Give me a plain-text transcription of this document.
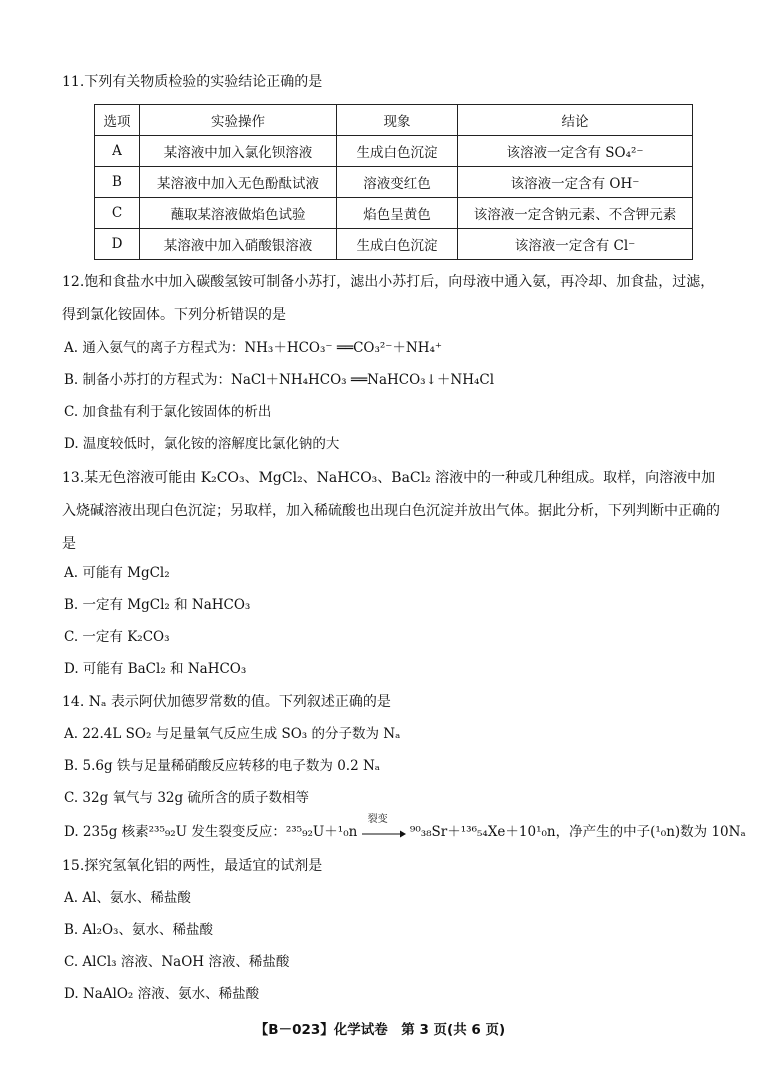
11.下列有关物质检验的实验结论正确的是
选项	实验操作	现象	结论
A	某溶液中加入氯化钡溶液	生成白色沉淀	该溶液一定含有 SO₄²⁻
B	某溶液中加入无色酚酞试液	溶液变红色	该溶液一定含有 OH⁻
C	蘸取某溶液做焰色试验	焰色呈黄色	该溶液一定含钠元素、不含钾元素
D	某溶液中加入硝酸银溶液	生成白色沉淀	该溶液一定含有 Cl⁻
12.饱和食盐水中加入碳酸氢铵可制备小苏打，滤出小苏打后，向母液中通入氨，再冷却、加食盐，过滤，得到氯化铵固体。下列分析错误的是
A. 通入氨气的离子方程式为：NH₃＋HCO₃⁻ ══CO₃²⁻＋NH₄⁺
B. 制备小苏打的方程式为：NaCl＋NH₄HCO₃ ══NaHCO₃↓＋NH₄Cl
C. 加食盐有利于氯化铵固体的析出
D. 温度较低时，氯化铵的溶解度比氯化钠的大
13.某无色溶液可能由 K₂CO₃、MgCl₂、NaHCO₃、BaCl₂ 溶液中的一种或几种组成。取样，向溶液中加入烧碱溶液出现白色沉淀；另取样，加入稀硫酸也出现白色沉淀并放出气体。据此分析，下列判断中正确的是
A. 可能有 MgCl₂
B. 一定有 MgCl₂ 和 NaHCO₃
C. 一定有 K₂CO₃
D. 可能有 BaCl₂ 和 NaHCO₃
14. Nₐ 表示阿伏加德罗常数的值。下列叙述正确的是
A. 22.4L SO₂ 与足量氧气反应生成 SO₃ 的分子数为 Nₐ
B. 5.6g 铁与足量稀硝酸反应转移的电子数为 0.2 Nₐ
C. 32g 氧气与 32g 硫所含的质子数相等
D. 235g 核素²³⁵₉₂U 发生裂变反应：²³⁵₉₂U＋¹₀n
裂变
⁹⁰₃₈Sr＋¹³⁶₅₄Xe＋10¹₀n，净产生的中子(¹₀n)数为 10Nₐ
15.探究氢氧化铝的两性，最适宜的试剂是
A. Al、氨水、稀盐酸
B. Al₂O₃、氨水、稀盐酸
C. AlCl₃ 溶液、NaOH 溶液、稀盐酸
D. NaAlO₂ 溶液、氨水、稀盐酸
【B－023】化学试卷　第 3 页(共 6 页)
